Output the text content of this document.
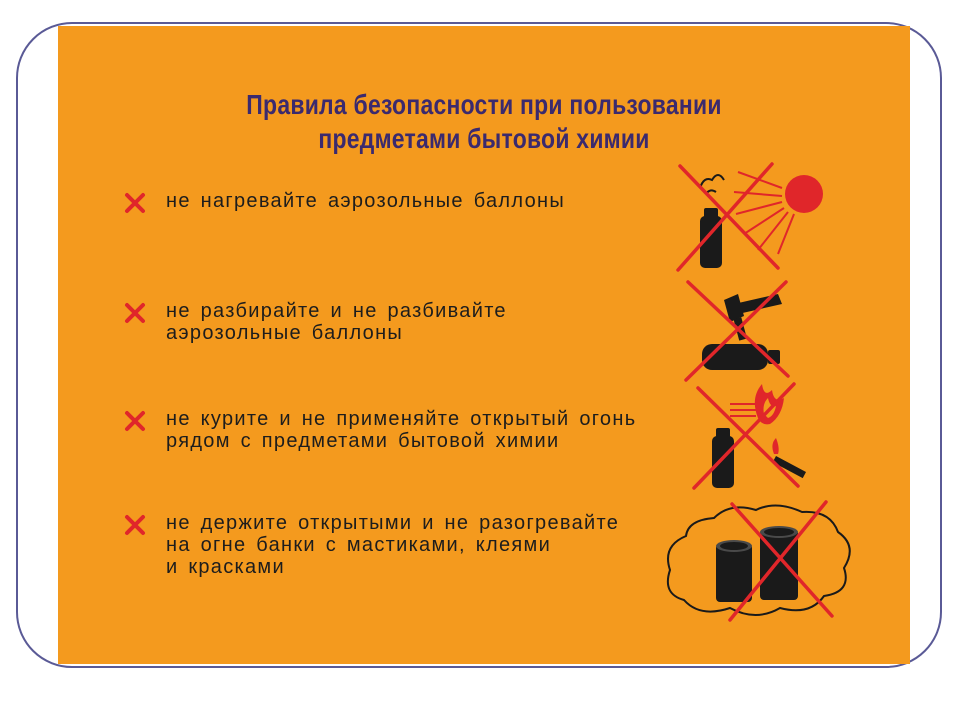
Правила безопасности при пользовании
предметами бытовой химии
не нагревайте аэрозольные баллоны
не разбирайте и не разбивайте
аэрозольные баллоны
не курите и не применяйте открытый огонь
рядом с предметами бытовой химии
не держите открытыми и не разогревайте
на огне банки с мастиками, клеями
и красками
